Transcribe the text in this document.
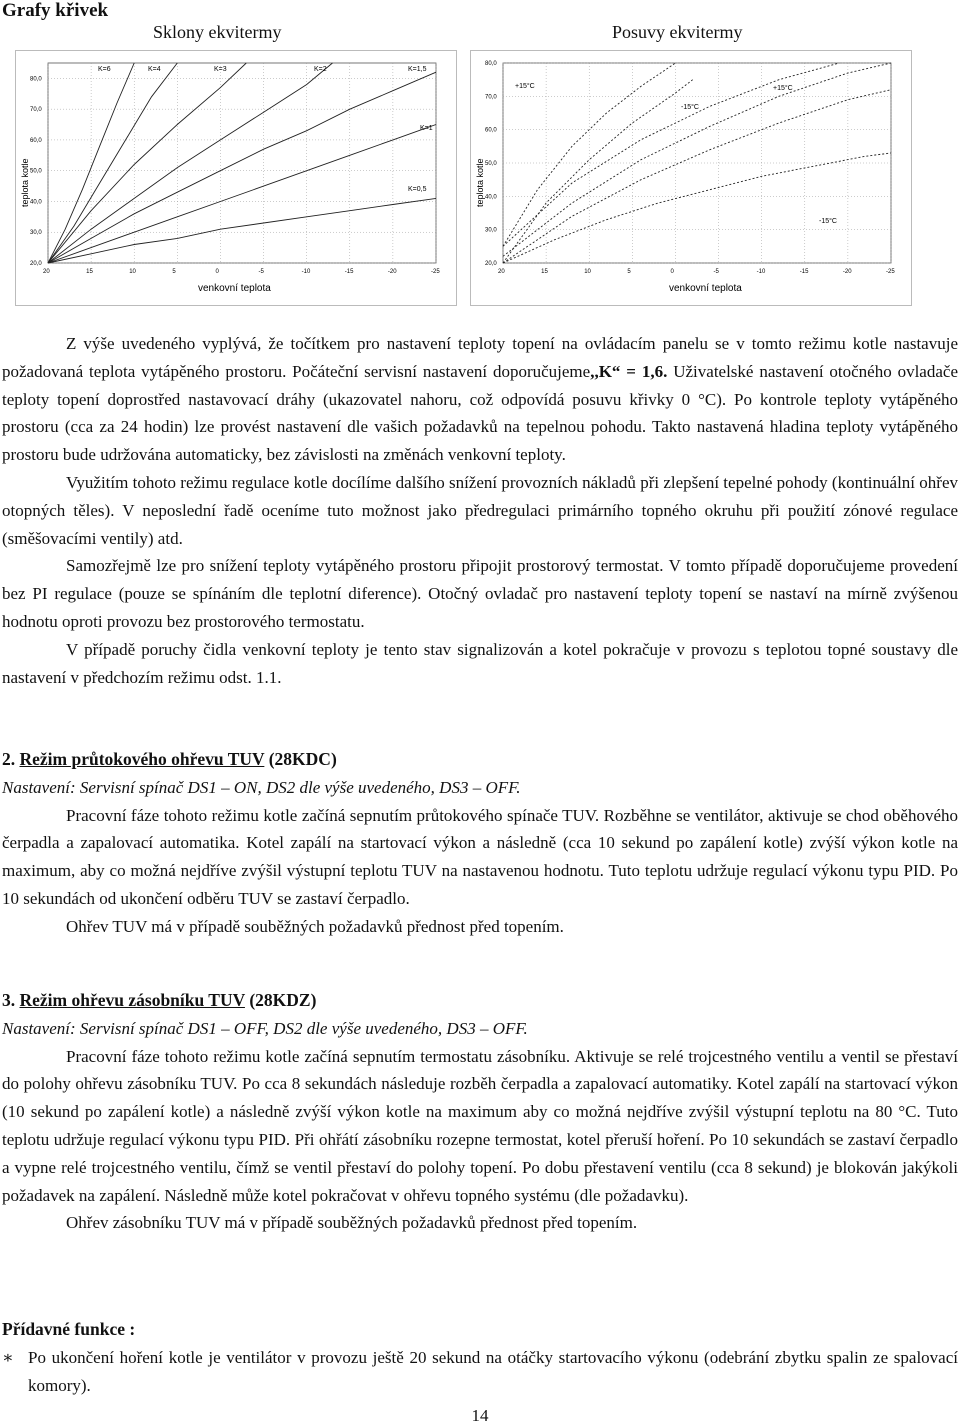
Grafy křivek
Sklony ekvitermy	Posuvy ekvitermy
20	15	10	5	0	-5	-10	-15	-20	-25
20,0
30,0
40,0
50,0
60,0
70,0
80,0
K=6	K=4	K=3	K=2	K=1,5
K=1
K=0,5
teplota kotle
venkovní teplota
20	15	10	5	0	-5	-10	-15	-20	-25
20,0
30,0
40,0
50,0
60,0
70,0
80,0
+15°C
-15°C
+15°C
-15°C
teplota kotle
venkovní teplota

Z výše uvedeného vyplývá, že točítkem pro nastavení teploty topení na ovládacím panelu se v tomto režimu kotle nastavuje požadovaná teplota vytápěného prostoru. Počáteční servisní nastavení doporučujeme,,K“ = 1,6. Uživatelské nastavení otočného ovladače teploty topení doprostřed nastavovací dráhy (ukazovatel nahoru, což odpovídá posuvu křivky 0 °C). Po kontrole teploty vytápěného prostoru (cca za 24 hodin) lze provést nastavení dle vašich požadavků na tepelnou pohodu. Takto nastavená hladina teploty vytápěného prostoru bude udržována automaticky, bez závislosti na změnách venkovní teploty.

Využitím tohoto režimu regulace kotle docílíme dalšího snížení provozních nákladů při zlepšení tepelné pohody (kontinuální ohřev otopných těles). V neposlední řadě oceníme tuto možnost jako předregulaci primárního topného okruhu při použití zónové regulace (směšovacími ventily) atd.

Samozřejmě lze pro snížení teploty vytápěného prostoru připojit prostorový termostat. V tomto případě doporučujeme provedení bez PI regulace (pouze se spínáním dle teplotní diference). Otočný ovladač pro nastavení teploty topení se nastaví na mírně zvýšenou hodnotu oproti provozu bez prostorového termostatu.

V případě poruchy čidla venkovní teploty je tento stav signalizován a kotel pokračuje v provozu s teplotou topné soustavy dle nastavení v předchozím režimu odst. 1.1.

2. Režim průtokového ohřevu TUV (28KDC)

Nastavení: Servisní spínač DS1 – ON, DS2 dle výše uvedeného, DS3 – OFF.

Pracovní fáze tohoto režimu kotle začíná sepnutím průtokového spínače TUV. Rozběhne se ventilátor, aktivuje se chod oběhového čerpadla a zapalovací automatika. Kotel zapálí na startovací výkon a následně (cca 10 sekund po zapálení kotle) zvýší výkon kotle na maximum, aby co možná nejdříve zvýšil výstupní teplotu TUV na nastavenou hodnotu. Tuto teplotu udržuje regulací výkonu typu PID. Po 10 sekundách od ukončení odběru TUV se zastaví čerpadlo.

Ohřev TUV má v případě souběžných požadavků přednost před topením.

3. Režim ohřevu zásobníku TUV (28KDZ)

Nastavení: Servisní spínač DS1 – OFF, DS2 dle výše uvedeného, DS3 – OFF.

Pracovní fáze tohoto režimu kotle začíná sepnutím termostatu zásobníku. Aktivuje se relé trojcestného ventilu a ventil se přestaví do polohy ohřevu zásobníku TUV. Po cca 8 sekundách následuje rozběh čerpadla a zapalovací automatiky. Kotel zapálí na startovací výkon (10 sekund po zapálení kotle) a následně zvýší výkon kotle na maximum aby co možná nejdříve zvýšil výstupní teplotu na 80 °C. Tuto teplotu udržuje regulací výkonu typu PID. Při ohřátí zásobníku rozepne termostat, kotel přeruší hoření. Po 10 sekundách se zastaví čerpadlo a vypne relé trojcestného ventilu, čímž se ventil přestaví do polohy topení. Po dobu přestavení ventilu (cca 8 sekund) je blokován jakýkoli požadavek na zapálení. Následně může kotel pokračovat v ohřevu topného systému (dle požadavku).

Ohřev zásobníku TUV má v případě souběžných požadavků přednost před topením.

Přídavné funkce :

∗ Po ukončení hoření kotle je ventilátor v provozu ještě 20 sekund na otáčky startovacího výkonu (odebrání zbytku spalin ze spalovací komory).
14
